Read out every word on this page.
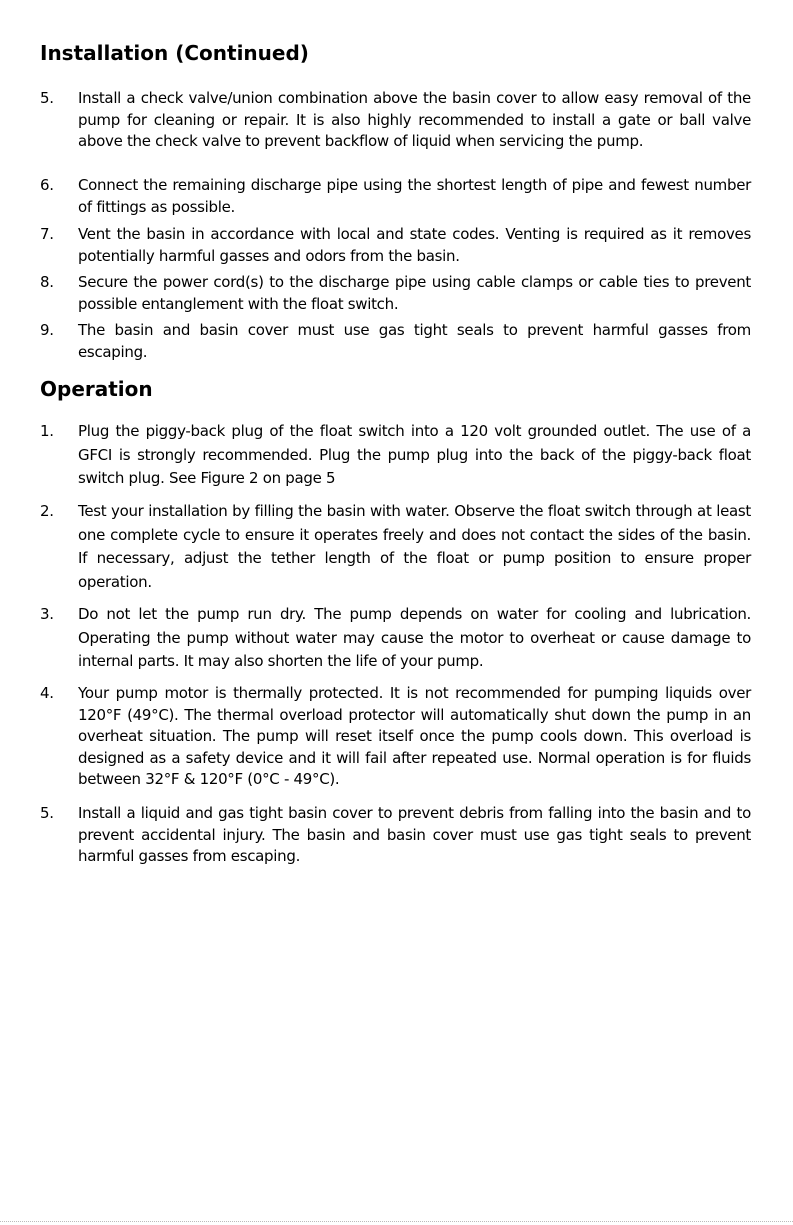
Installation (Continued)
5. Install a check valve/union combination above the basin cover to allow easy removal of the pump for cleaning or repair. It is also highly recommended to install a gate or ball valve above the check valve to prevent backflow of liquid when servicing the pump.
6. Connect the remaining discharge pipe using the shortest length of pipe and fewest number of fittings as possible.
7. Vent the basin in accordance with local and state codes. Venting is required as it removes potentially harmful gasses and odors from the basin.
8. Secure the power cord(s) to the discharge pipe using cable clamps or cable ties to prevent possible entanglement with the float switch.
9. The basin and basin cover must use gas tight seals to prevent harmful gasses from escaping.
Operation
1. Plug the piggy-back plug of the float switch into a 120 volt grounded outlet. The use of a GFCI is strongly recommended. Plug the pump plug into the back of the piggy-back float switch plug. See Figure 2 on page 5
2. Test your installation by filling the basin with water. Observe the float switch through at least one complete cycle to ensure it operates freely and does not contact the sides of the basin. If necessary, adjust the tether length of the float or pump position to ensure proper operation.
3. Do not let the pump run dry. The pump depends on water for cooling and lubrication. Operating the pump without water may cause the motor to overheat or cause damage to internal parts. It may also shorten the life of your pump.
4. Your pump motor is thermally protected. It is not recommended for pumping liquids over 120°F (49°C). The thermal overload protector will automatically shut down the pump in an overheat situation. The pump will reset itself once the pump cools down. This overload is designed as a safety device and it will fail after repeated use. Normal operation is for fluids between 32°F & 120°F (0°C - 49°C).
5. Install a liquid and gas tight basin cover to prevent debris from falling into the basin and to prevent accidental injury. The basin and basin cover must use gas tight seals to prevent harmful gasses from escaping.
